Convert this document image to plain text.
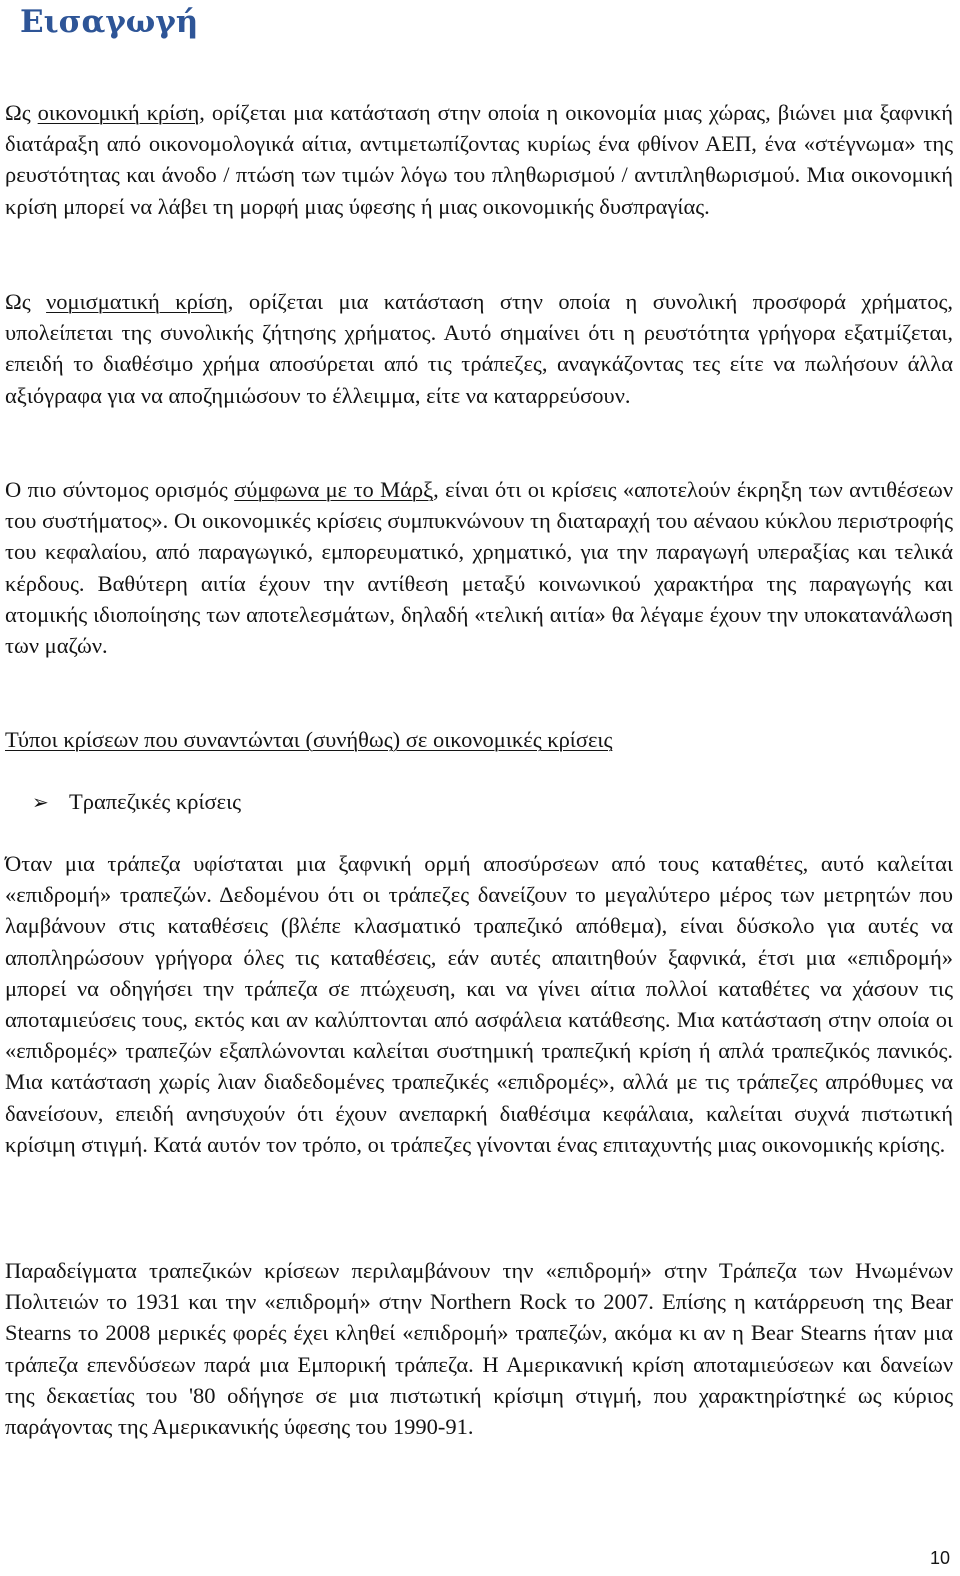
Εισαγωγή

Ως οικονομική κρίση, ορίζεται μια κατάσταση στην οποία η οικονομία μιας χώρας, βιώνει μια ξαφνική διατάραξη από οικονομολογικά αίτια, αντιμετωπίζοντας κυρίως ένα φθίνον ΑΕΠ, ένα «στέγνωμα» της ρευστότητας και άνοδο / πτώση των τιμών λόγω του πληθωρισμού / αντιπληθωρισμού. Μια οικονομική κρίση μπορεί να λάβει τη μορφή μιας ύφεσης ή μιας οικονομικής δυσπραγίας.

Ως νομισματική κρίση, ορίζεται μια κατάσταση στην οποία η συνολική προσφορά χρήματος, υπολείπεται της συνολικής ζήτησης χρήματος. Αυτό σημαίνει ότι η ρευστότητα γρήγορα εξατμίζεται, επειδή το διαθέσιμο χρήμα αποσύρεται από τις τράπεζες, αναγκάζοντας τες είτε να πωλήσουν άλλα αξιόγραφα για να αποζημιώσουν το έλλειμμα, είτε να καταρρεύσουν.

Ο πιο σύντομος ορισμός σύμφωνα με το Μάρξ, είναι ότι οι κρίσεις «αποτελούν έκρηξη των αντιθέσεων του συστήματος». Οι οικονομικές κρίσεις συμπυκνώνουν τη διαταραχή του αέναου κύκλου περιστροφής του κεφαλαίου, από παραγωγικό, εμπορευματικό, χρηματικό, για την παραγωγή υπεραξίας και τελικά κέρδους. Βαθύτερη αιτία έχουν την αντίθεση μεταξύ κοινωνικού χαρακτήρα της παραγωγής και ατομικής ιδιοποίησης των αποτελεσμάτων, δηλαδή «τελική αιτία» θα λέγαμε έχουν την υποκατανάλωση των μαζών.

Τύποι κρίσεων που συναντώνται (συνήθως) σε οικονομικές κρίσεις

➢ Τραπεζικές κρίσεις

Όταν μια τράπεζα υφίσταται μια ξαφνική ορμή αποσύρσεων από τους καταθέτες, αυτό καλείται «επιδρομή» τραπεζών. Δεδομένου ότι οι τράπεζες δανείζουν το μεγαλύτερο μέρος των μετρητών που λαμβάνουν στις καταθέσεις (βλέπε κλασματικό τραπεζικό απόθεμα), είναι δύσκολο για αυτές να αποπληρώσουν γρήγορα όλες τις καταθέσεις, εάν αυτές απαιτηθούν ξαφνικά, έτσι μια «επιδρομή» μπορεί να οδηγήσει την τράπεζα σε πτώχευση, και να γίνει αίτια πολλοί καταθέτες να χάσουν τις αποταμιεύσεις τους, εκτός και αν καλύπτονται από ασφάλεια κατάθεσης. Μια κατάσταση στην οποία οι «επιδρομές» τραπεζών εξαπλώνονται καλείται συστημική τραπεζική κρίση ή απλά τραπεζικός πανικός. Μια κατάσταση χωρίς λιαν διαδεδομένες τραπεζικές «επιδρομές», αλλά με τις τράπεζες απρόθυμες να δανείσουν, επειδή ανησυχούν ότι έχουν ανεπαρκή διαθέσιμα κεφάλαια, καλείται συχνά πιστωτική κρίσιμη στιγμή. Κατά αυτόν τον τρόπο, οι τράπεζες γίνονται ένας επιταχυντής μιας οικονομικής κρίσης.

Παραδείγματα τραπεζικών κρίσεων περιλαμβάνουν την «επιδρομή» στην Τράπεζα των Ηνωμένων Πολιτειών το 1931 και την «επιδρομή» στην Northern Rock το 2007. Επίσης η κατάρρευση της Bear Stearns το 2008 μερικές φορές έχει κληθεί «επιδρομή» τραπεζών, ακόμα κι αν η Bear Stearns ήταν μια τράπεζα επενδύσεων παρά μια Εμπορική τράπεζα. Η Αμερικανική κρίση αποταμιεύσεων και δανείων της δεκαετίας του '80 οδήγησε σε μια πιστωτική κρίσιμη στιγμή, που χαρακτηρίστηκέ ως κύριος παράγοντας της Αμερικανικής ύφεσης του 1990-91.

10
